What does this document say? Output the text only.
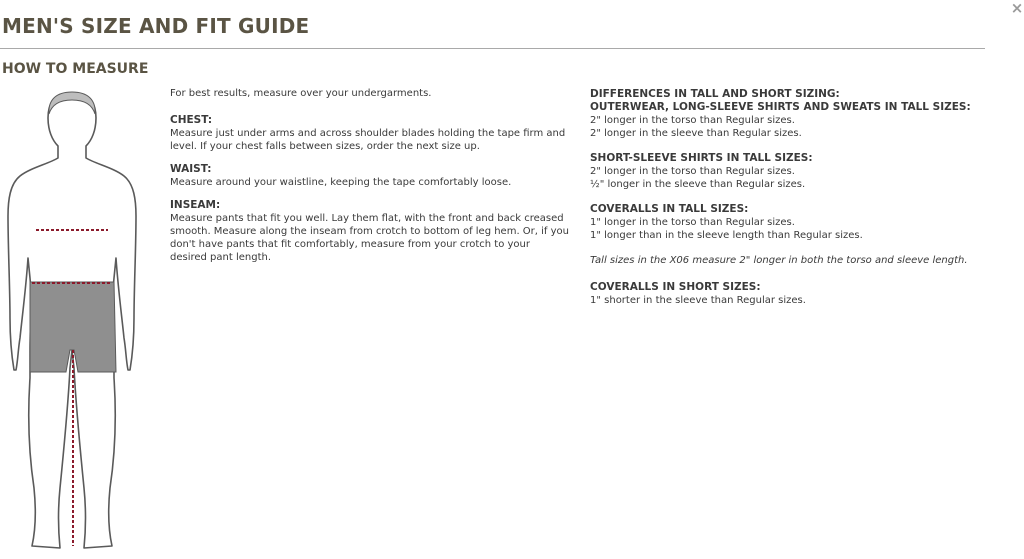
MEN'S SIZE AND FIT GUIDE
×
HOW TO MEASURE

For best results, measure over your undergarments.

CHEST:

Measure just under arms and across shoulder blades holding the tape firm and level. If your chest falls between sizes, order the next size up.

WAIST:

Measure around your waistline, keeping the tape comfortably loose.

INSEAM:

Measure pants that fit you well. Lay them flat, with the front and back creased smooth. Measure along the inseam from crotch to bottom of leg hem. Or, if you don't have pants that fit comfortably, measure from your crotch to your desired pant length.

DIFFERENCES IN TALL AND SHORT SIZING:
OUTERWEAR, LONG-SLEEVE SHIRTS AND SWEATS IN TALL SIZES:

2" longer in the torso than Regular sizes.

2" longer in the sleeve than Regular sizes.

SHORT-SLEEVE SHIRTS IN TALL SIZES:

2" longer in the torso than Regular sizes.

½" longer in the sleeve than Regular sizes.

COVERALLS IN TALL SIZES:

1" longer in the torso than Regular sizes.

1" longer than in the sleeve length than Regular sizes.

Tall sizes in the X06 measure 2" longer in both the torso and sleeve length.

COVERALLS IN SHORT SIZES:

1" shorter in the sleeve than Regular sizes.
